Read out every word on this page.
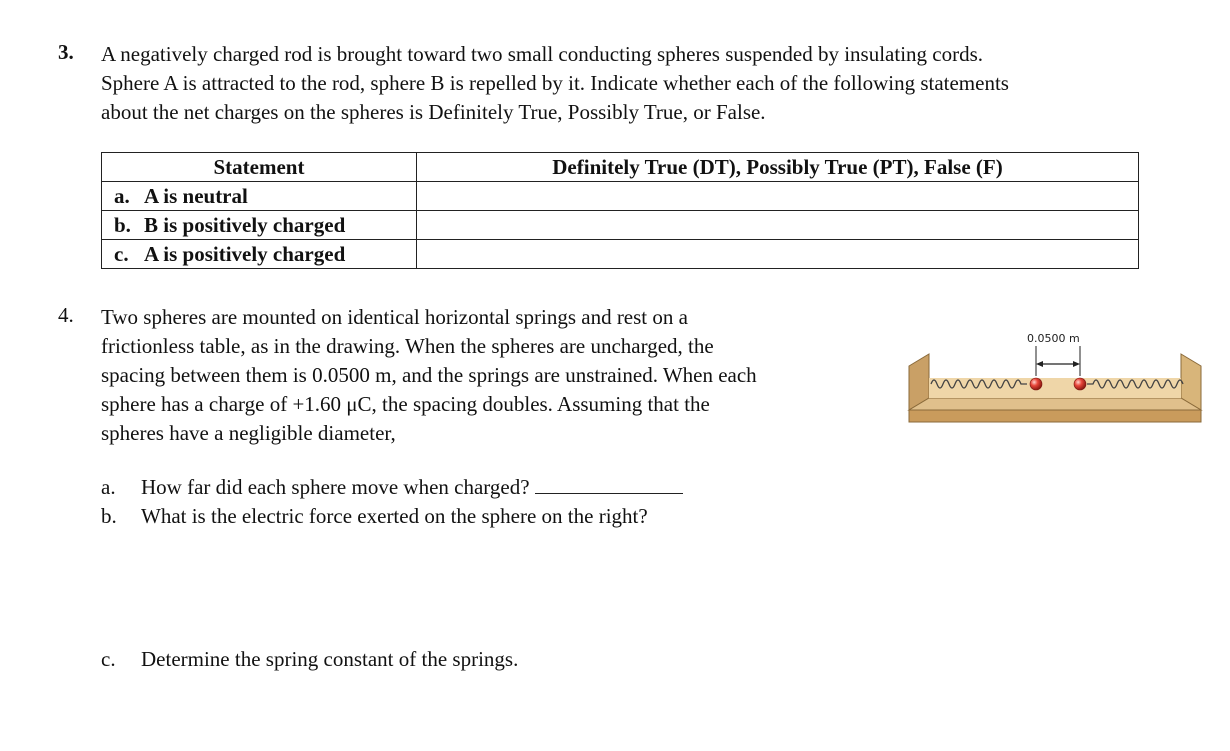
3. A negatively charged rod is brought toward two small conducting spheres suspended by insulating cords.
Sphere A is attracted to the rod, sphere B is repelled by it. Indicate whether each of the following statements
about the net charges on the spheres is Definitely True, Possibly True, or False.
Statement	Definitely True (DT), Possibly True (PT), False (F)
a. A is neutral	
b. B is positively charged	
c. A is positively charged	
4. Two spheres are mounted on identical horizontal springs and rest on a
frictionless table, as in the drawing. When the spheres are uncharged, the
spacing between them is 0.0500 m, and the springs are unstrained. When each
sphere has a charge of +1.60 μC, the spacing doubles. Assuming that the
spheres have a negligible diameter,
0.0500 m
a. How far did each sphere move when charged?
b. What is the electric force exerted on the sphere on the right?
c. Determine the spring constant of the springs.
